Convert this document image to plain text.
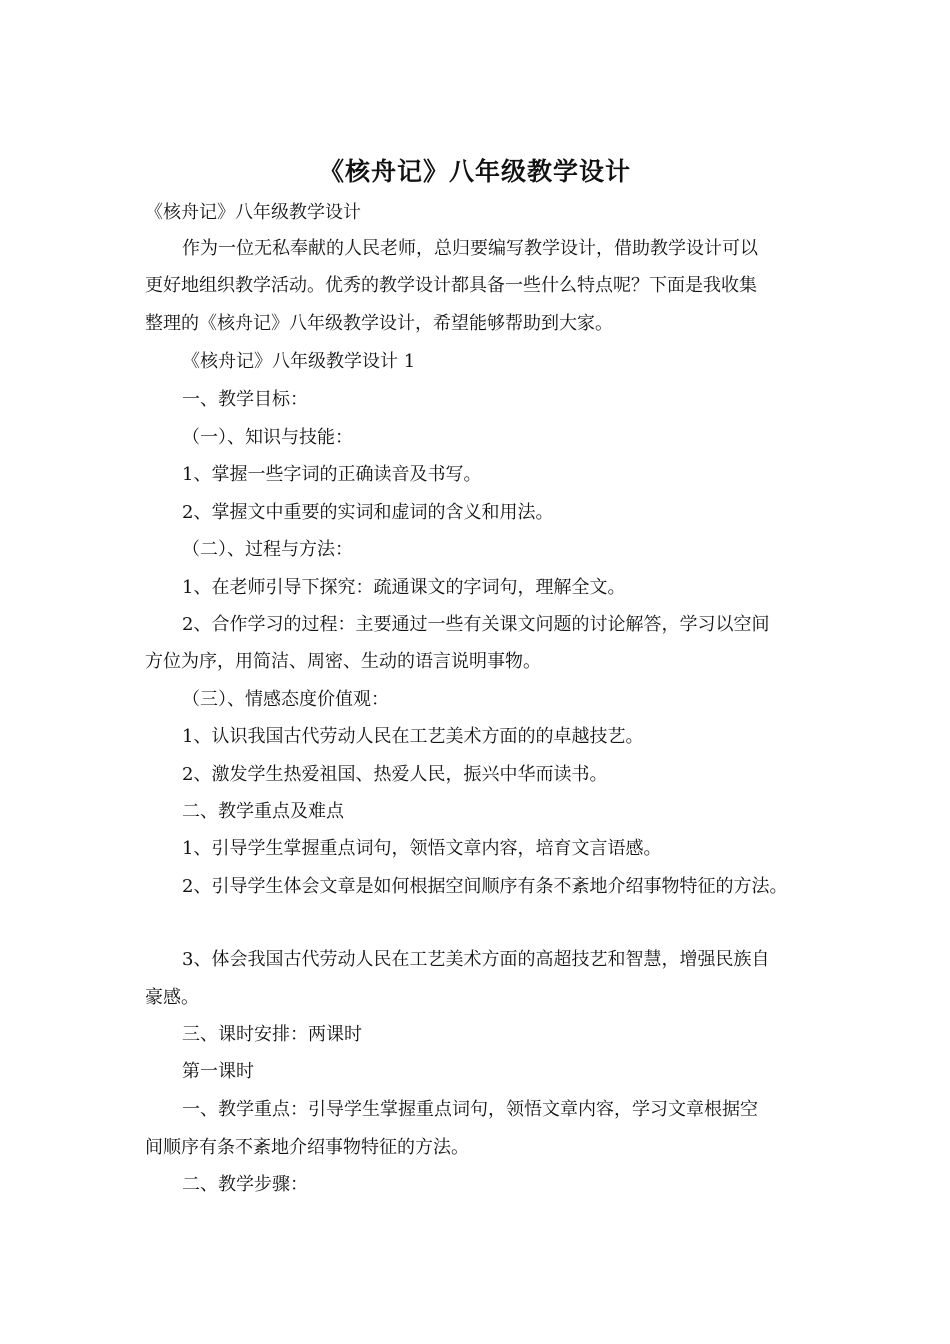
《核舟记》八年级教学设计
《核舟记》八年级教学设计
作为一位无私奉献的人民老师，总归要编写教学设计，借助教学设计可以
更好地组织教学活动。优秀的教学设计都具备一些什么特点呢？下面是我收集
整理的《核舟记》八年级教学设计，希望能够帮助到大家。
《核舟记》八年级教学设计 1
一、教学目标：
（一）、知识与技能：
1、掌握一些字词的正确读音及书写。
2、掌握文中重要的实词和虚词的含义和用法。
（二）、过程与方法：
1、在老师引导下探究：疏通课文的字词句，理解全文。
2、合作学习的过程：主要通过一些有关课文问题的讨论解答，学习以空间
方位为序，用简洁、周密、生动的语言说明事物。
（三）、情感态度价值观：
1、认识我国古代劳动人民在工艺美术方面的的卓越技艺。
2、激发学生热爱祖国、热爱人民，振兴中华而读书。
二、教学重点及难点
1、引导学生掌握重点词句，领悟文章内容，培育文言语感。
2、引导学生体会文章是如何根据空间顺序有条不紊地介绍事物特征的方法。
3、体会我国古代劳动人民在工艺美术方面的高超技艺和智慧，增强民族自
豪感。
三、课时安排：两课时
第一课时
一、教学重点：引导学生掌握重点词句，领悟文章内容，学习文章根据空
间顺序有条不紊地介绍事物特征的方法。
二、教学步骤：
